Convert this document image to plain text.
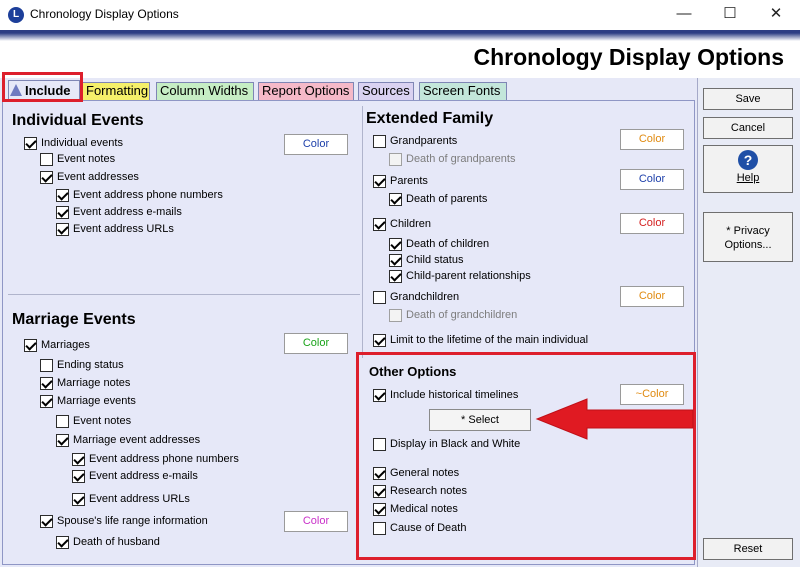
L Chronology Display Options	—	☐	✕
Chronology Display Options
Include	Formatting Column Widths	Report Options Sources	Screen Fonts
Individual Events
Individual events
Event notes
Event addresses
Event address phone numbers
Event address e-mails
Event address URLs
Color
Marriage Events
Marriages
Ending status
Marriage notes
Marriage events
Event notes
Marriage event addresses
Event address phone numbers
Event address e-mails
Event address URLs
Spouse's life range information
Death of husband
Color
Color
Extended Family
Grandparents
Death of grandparents
Parents
Death of parents
Children
Death of children
Child status
Child-parent relationships
Grandchildren
Death of grandchildren
Limit to the lifetime of the main individual
Color
Color
Color
Color
Other Options
Include historical timelines	~Color
* Select
Display in Black and White
General notes
Research notes
Medical notes
Cause of Death
Save
Cancel
?
Help
* Privacy
Options...
Reset
